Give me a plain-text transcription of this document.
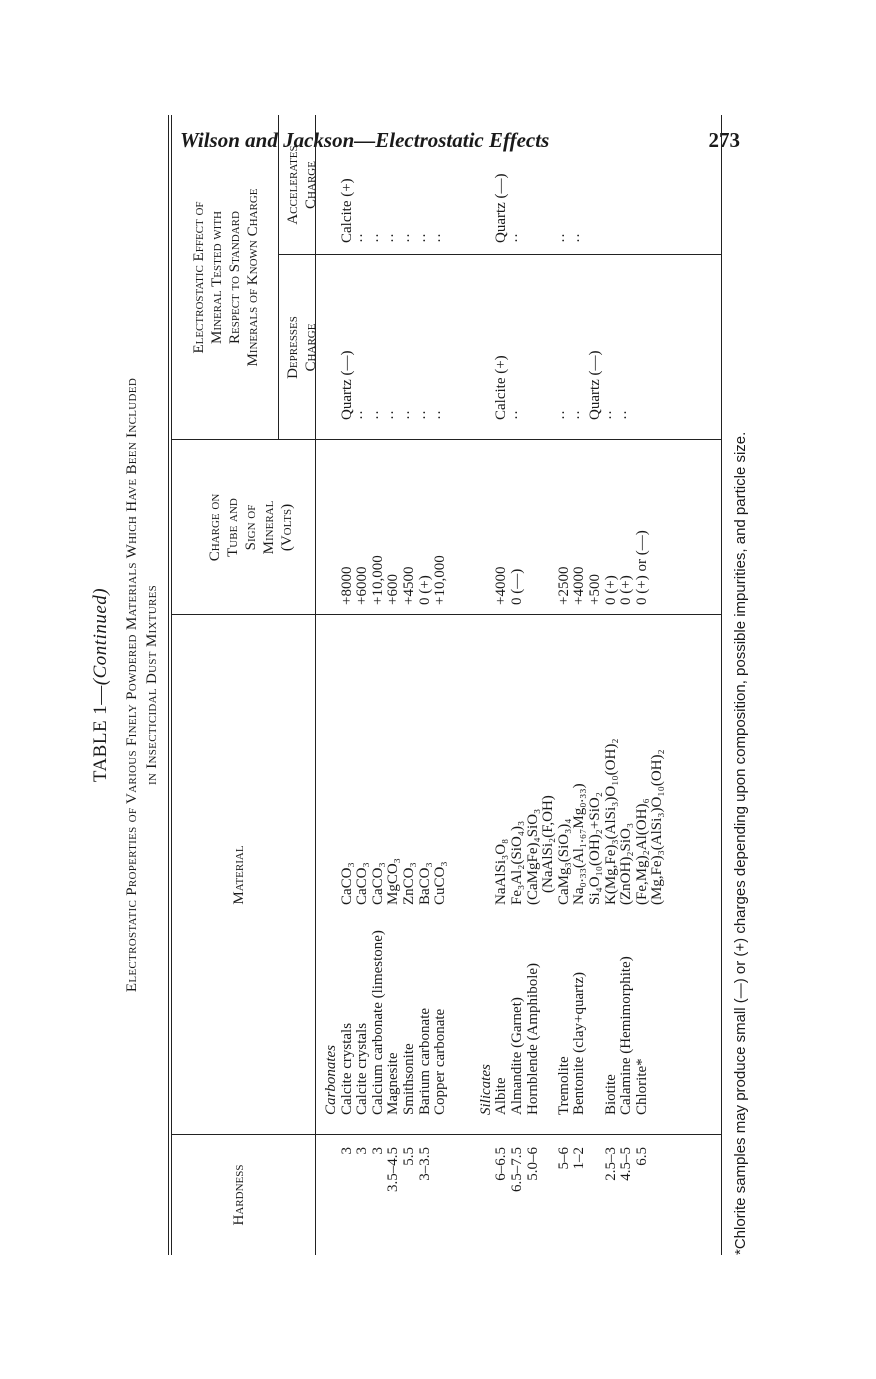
Wilson and Jackson—Electrostatic Effects	273
TABLE 1—(Continued) Electrostatic Properties of Various Finely Powdered Materials Which Have Been Included in Insecticidal Dust Mixtures
Hardness
Material
Charge on Tube and Sign of Mineral (Volts)
Electrostatic Effect of Mineral Tested with Respect to Standard Minerals of Known Charge Depresses Charge
Accelerates Charge
Carbonates
3
Calcite crystals
CaCO₃
+8000
Quartz (—)
Calcite (+)
3
Calcite crystals
CaCO₃
+6000
··
··
3
Calcium carbonate (limestone)
CaCO₃
+10,000
··
··
3.5–4.5
Magnesite
MgCO₃
+600
··
··
5.5
Smithsonite
ZnCO₃
+4500
··
··
3–3.5
Barium carbonate
BaCO₃
0 (+)
··
··
Copper carbonate
CuCO₃
+10,000
··
··
Silicates
6–6.5
Albite
NaAlSi₃O₈
+4000
Calcite (+)
Quartz (—)
6.5–7.5
Almandite (Garnet)
Fe₃Al₂(SiO₄)₃
0 (—)
··
··
5.0–6
Hornblende (Amphibole)
(CaMgFe)₄SiO₃ (NaAlSi₂(F,OH)
5–6
Tremolite
CaMg₃(SiO₃)₄
+2500
··
··
1–2
Bentonite (clay+quartz)
Na₀.₃₃(Al₁.₆₇Mg₀.₃₃)
+4000
··
··
Si₄O₁₀(OH)₂+SiO₂
+500
Quartz (—)
2.5–3
Biotite
K(Mg,Fe)₃(AlSi₃)O₁₀(OH)₂
0 (+)
··
4.5–5
Calamine (Hemimorphite)
(ZnOH)₂SiO₃
0 (+)
··
6.5
Chlorite*
(Fe,Mg)₂Al(OH)₆
0 (+) or (—)
(Mg,Fe)₃(AlSi₃)O₁₀(OH)₂	*Chlorite samples may produce small (—) or (+) charges depending upon composition, possible impurities, and particle size.
